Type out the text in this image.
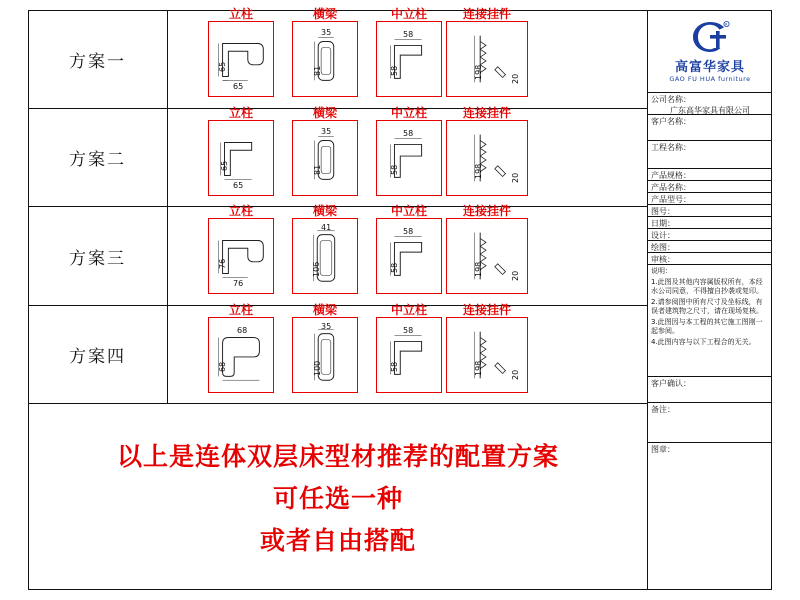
方案一
立柱
65
65
横梁
35
81
中立柱
58
58
连接挂件
198	20
方案二
立柱
65
65
横梁
35
81
中立柱
58
58
连接挂件
198	20
方案三
立柱
76
76
横梁
41
106
中立柱
58
58
连接挂件
198	20
方案四
立柱
68
68
横梁
35
100
中立柱
58
58
连接挂件
198	20
以上是连体双层床型材推荐的配置方案
可任选一种
或者自由搭配
R
高富华家具
GAO FU HUA furniture
公司名称：
广东高华家具有限公司
客户名称：
工程名称：
产品规格：
产品名称：
产品型号：
图号：
日期：
设计：
绘图：
审核：

说明：

1.此图及其他内容属版权所有，本经水公司同意，不得擅自抄袭或复印。

2.请参阅图中所有尺寸及坐标线，有误者建筑物之尺寸，请在现场复核。

3.此图因与本工程的其它施工图刚一起参阅。

4.此图内容与以下工程合的无关。

客户确认：
备注：
图章：
